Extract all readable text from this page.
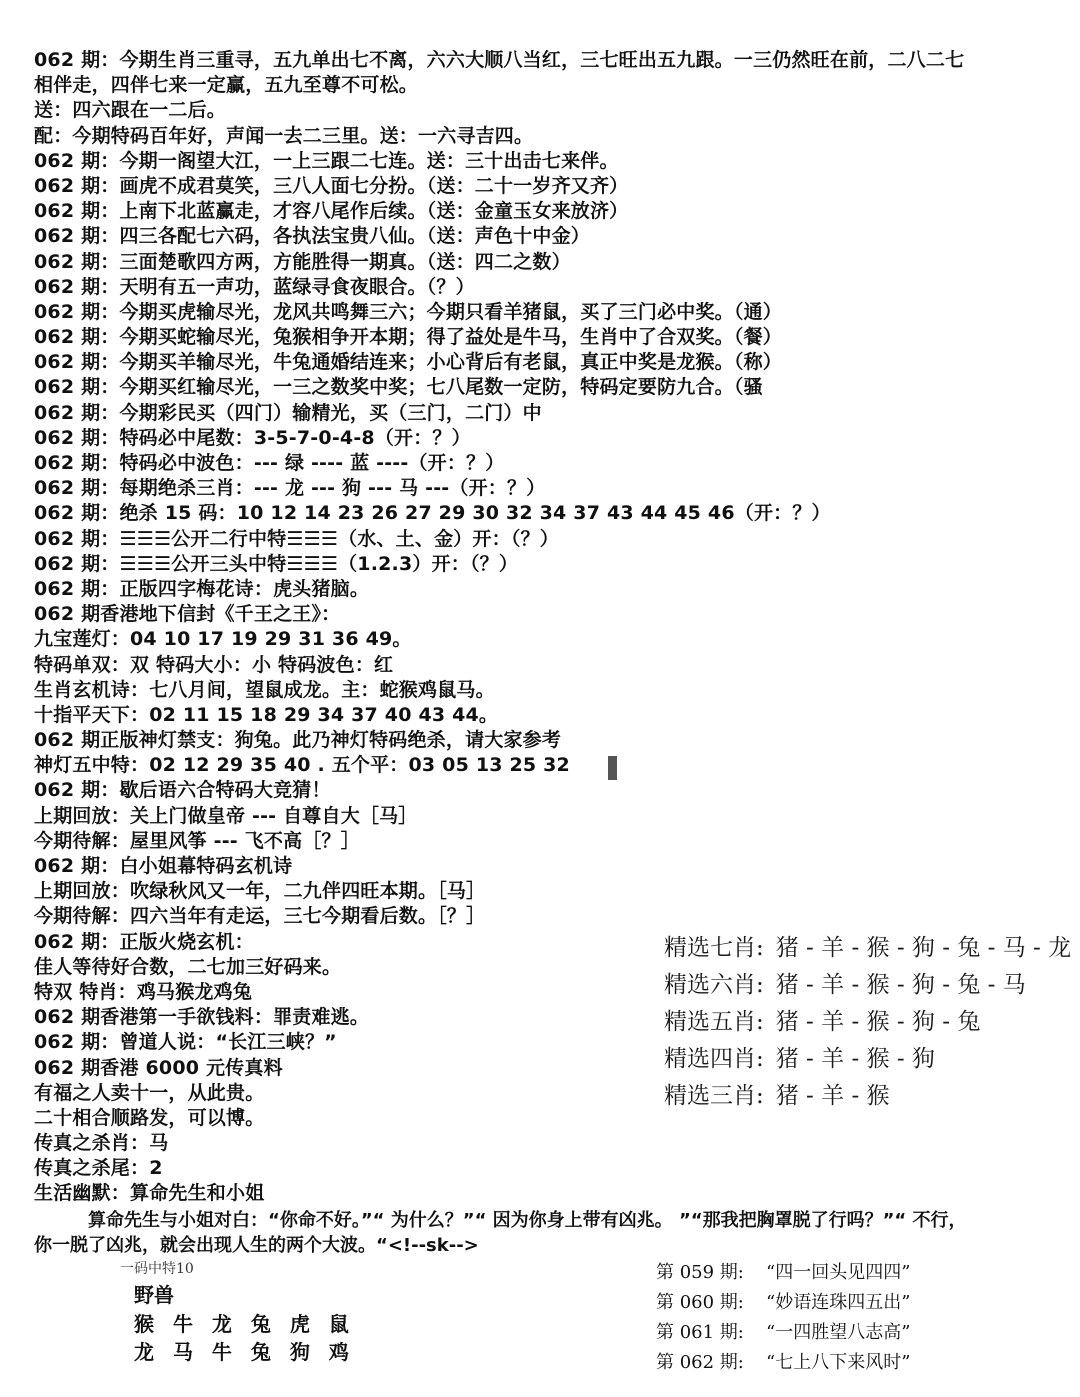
062 期：今期生肖三重寻，五九单出七不离，六六大顺八当红，三七旺出五九跟。一三仍然旺在前，二八二七
相伴走，四伴七来一定赢，五九至尊不可松。
送：四六跟在一二后。
配：今期特码百年好，声闻一去二三里。送：一六寻吉四。
062 期：今期一阁望大江，一上三跟二七连。送：三十出击七来伴。
062 期：画虎不成君莫笑，三八人面七分扮。（送：二十一岁齐又齐）
062 期：上南下北蓝赢走，才容八尾作后续。（送：金童玉女来放济）
062 期：四三各配七六码，各执法宝贵八仙。（送：声色十中金）
062 期：三面楚歌四方两，方能胜得一期真。（送：四二之数）
062 期：天明有五一声功，蓝绿寻食夜眼合。（？）
062 期：今期买虎输尽光，龙风共鸣舞三六；今期只看羊猪鼠，买了三门必中奖。（通）
062 期：今期买蛇输尽光，兔猴相争开本期；得了益处是牛马，生肖中了合双奖。（餐）
062 期：今期买羊输尽光，牛兔通婚结连来；小心背后有老鼠，真正中奖是龙猴。（称）
062 期：今期买红输尽光，一三之数奖中奖；七八尾数一定防，特码定要防九合。（骚
062 期：今期彩民买（四门）输精光，买（三门，二门）中
062 期：特码必中尾数：3-5-7-0-4-8（开：？）
062 期：特码必中波色：--- 绿 ---- 蓝 ----（开：？）
062 期：每期绝杀三肖：--- 龙 --- 狗 --- 马 ---（开：？）
062 期：绝杀 15 码：10 12 14 23 26 27 29 30 32 34 37 43 44 45 46（开：？）
062 期：☰☰☰公开二行中特☰☰☰（水、土、金）开：（？）
062 期：☰☰☰公开三头中特☰☰☰（1.2.3）开：（？）
062 期：正版四字梅花诗：虎头猪脑。
062 期香港地下信封《千王之王》：
九宝莲灯：04 10 17 19 29 31 36 49。
特码单双：双 特码大小：小 特码波色：红
生肖玄机诗：七八月间，望鼠成龙。主：蛇猴鸡鼠马。
十指平天下：02 11 15 18 29 34 37 40 43 44。
062 期正版神灯禁支：狗兔。此乃神灯特码绝杀，请大家参考
神灯五中特：02 12 29 35 40 . 五个平：03 05 13 25 32
062 期：歇后语六合特码大竞猜！
上期回放：关上门做皇帝 --- 自尊自大［马］
今期待解：屋里风筝 --- 飞不高［？］
062 期：白小姐幕特码玄机诗
上期回放：吹绿秋风又一年，二九伴四旺本期。［马］
今期待解：四六当年有走运，三七今期看后数。［？］
062 期：正版火烧玄机：
佳人等待好合数，二七加三好码来。
特双 特肖：鸡马猴龙鸡兔
062 期香港第一手欲钱料：罪责难逃。
062 期：曾道人说：“长江三峡？”
062 期香港 6000 元传真料
有福之人卖十一，从此贵。
二十相合顺路发，可以博。
传真之杀肖：马
传真之杀尾：2
生活幽默：算命先生和小姐
精选七肖: 猪 - 羊 - 猴 - 狗 - 兔 - 马 - 龙
精选六肖: 猪 - 羊 - 猴 - 狗 - 兔 - 马
精选五肖: 猪 - 羊 - 猴 - 狗 - 兔
精选四肖: 猪 - 羊 - 猴 - 狗
精选三肖: 猪 - 羊 - 猴
算命先生与小姐对白：“你命不好。”“ 为什么？”“ 因为你身上带有凶兆。 ”“那我把胸罩脱了行吗？”“ 不行，
你一脱了凶兆，就会出现人生的两个大波。“<!--sk-->
一码中特10
野兽
猴 牛 龙 兔 虎 鼠
龙 马 牛 兔 狗 鸡
第 059 期: “四一回头见四四”
第 060 期: “妙语连珠四五出”
第 061 期: “一四胜望八志高”
第 062 期: “七上八下来风时”
